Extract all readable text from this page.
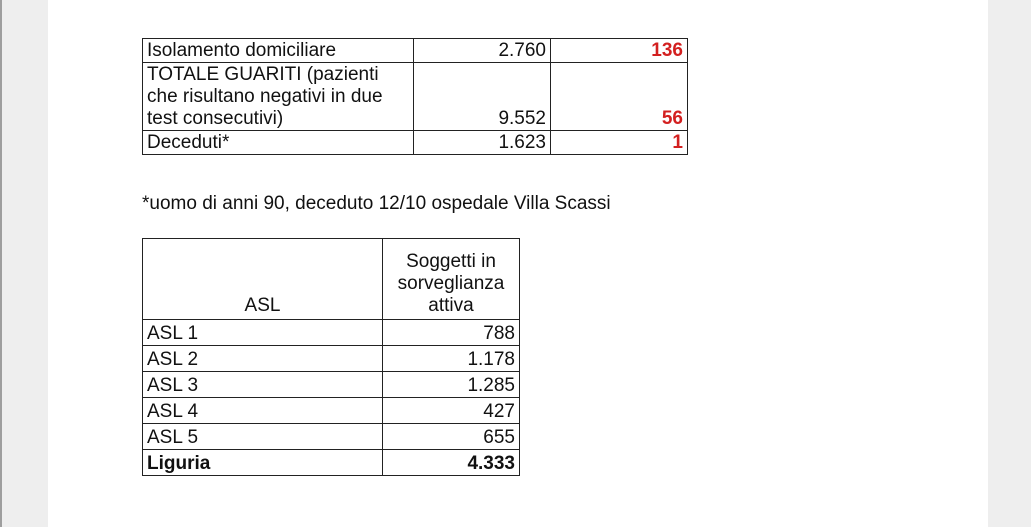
Isolamento domiciliare	2.760	136
TOTALE GUARITI (pazienti che risultano negativi in due test consecutivi)	9.552	56
Deceduti*	1.623	1
*uomo di anni 90, deceduto 12/10 ospedale Villa Scassi
ASL	Soggetti in sorveglianza attiva
ASL 1	788
ASL 2	1.178
ASL 3	1.285
ASL 4	427
ASL 5	655
Liguria	4.333
